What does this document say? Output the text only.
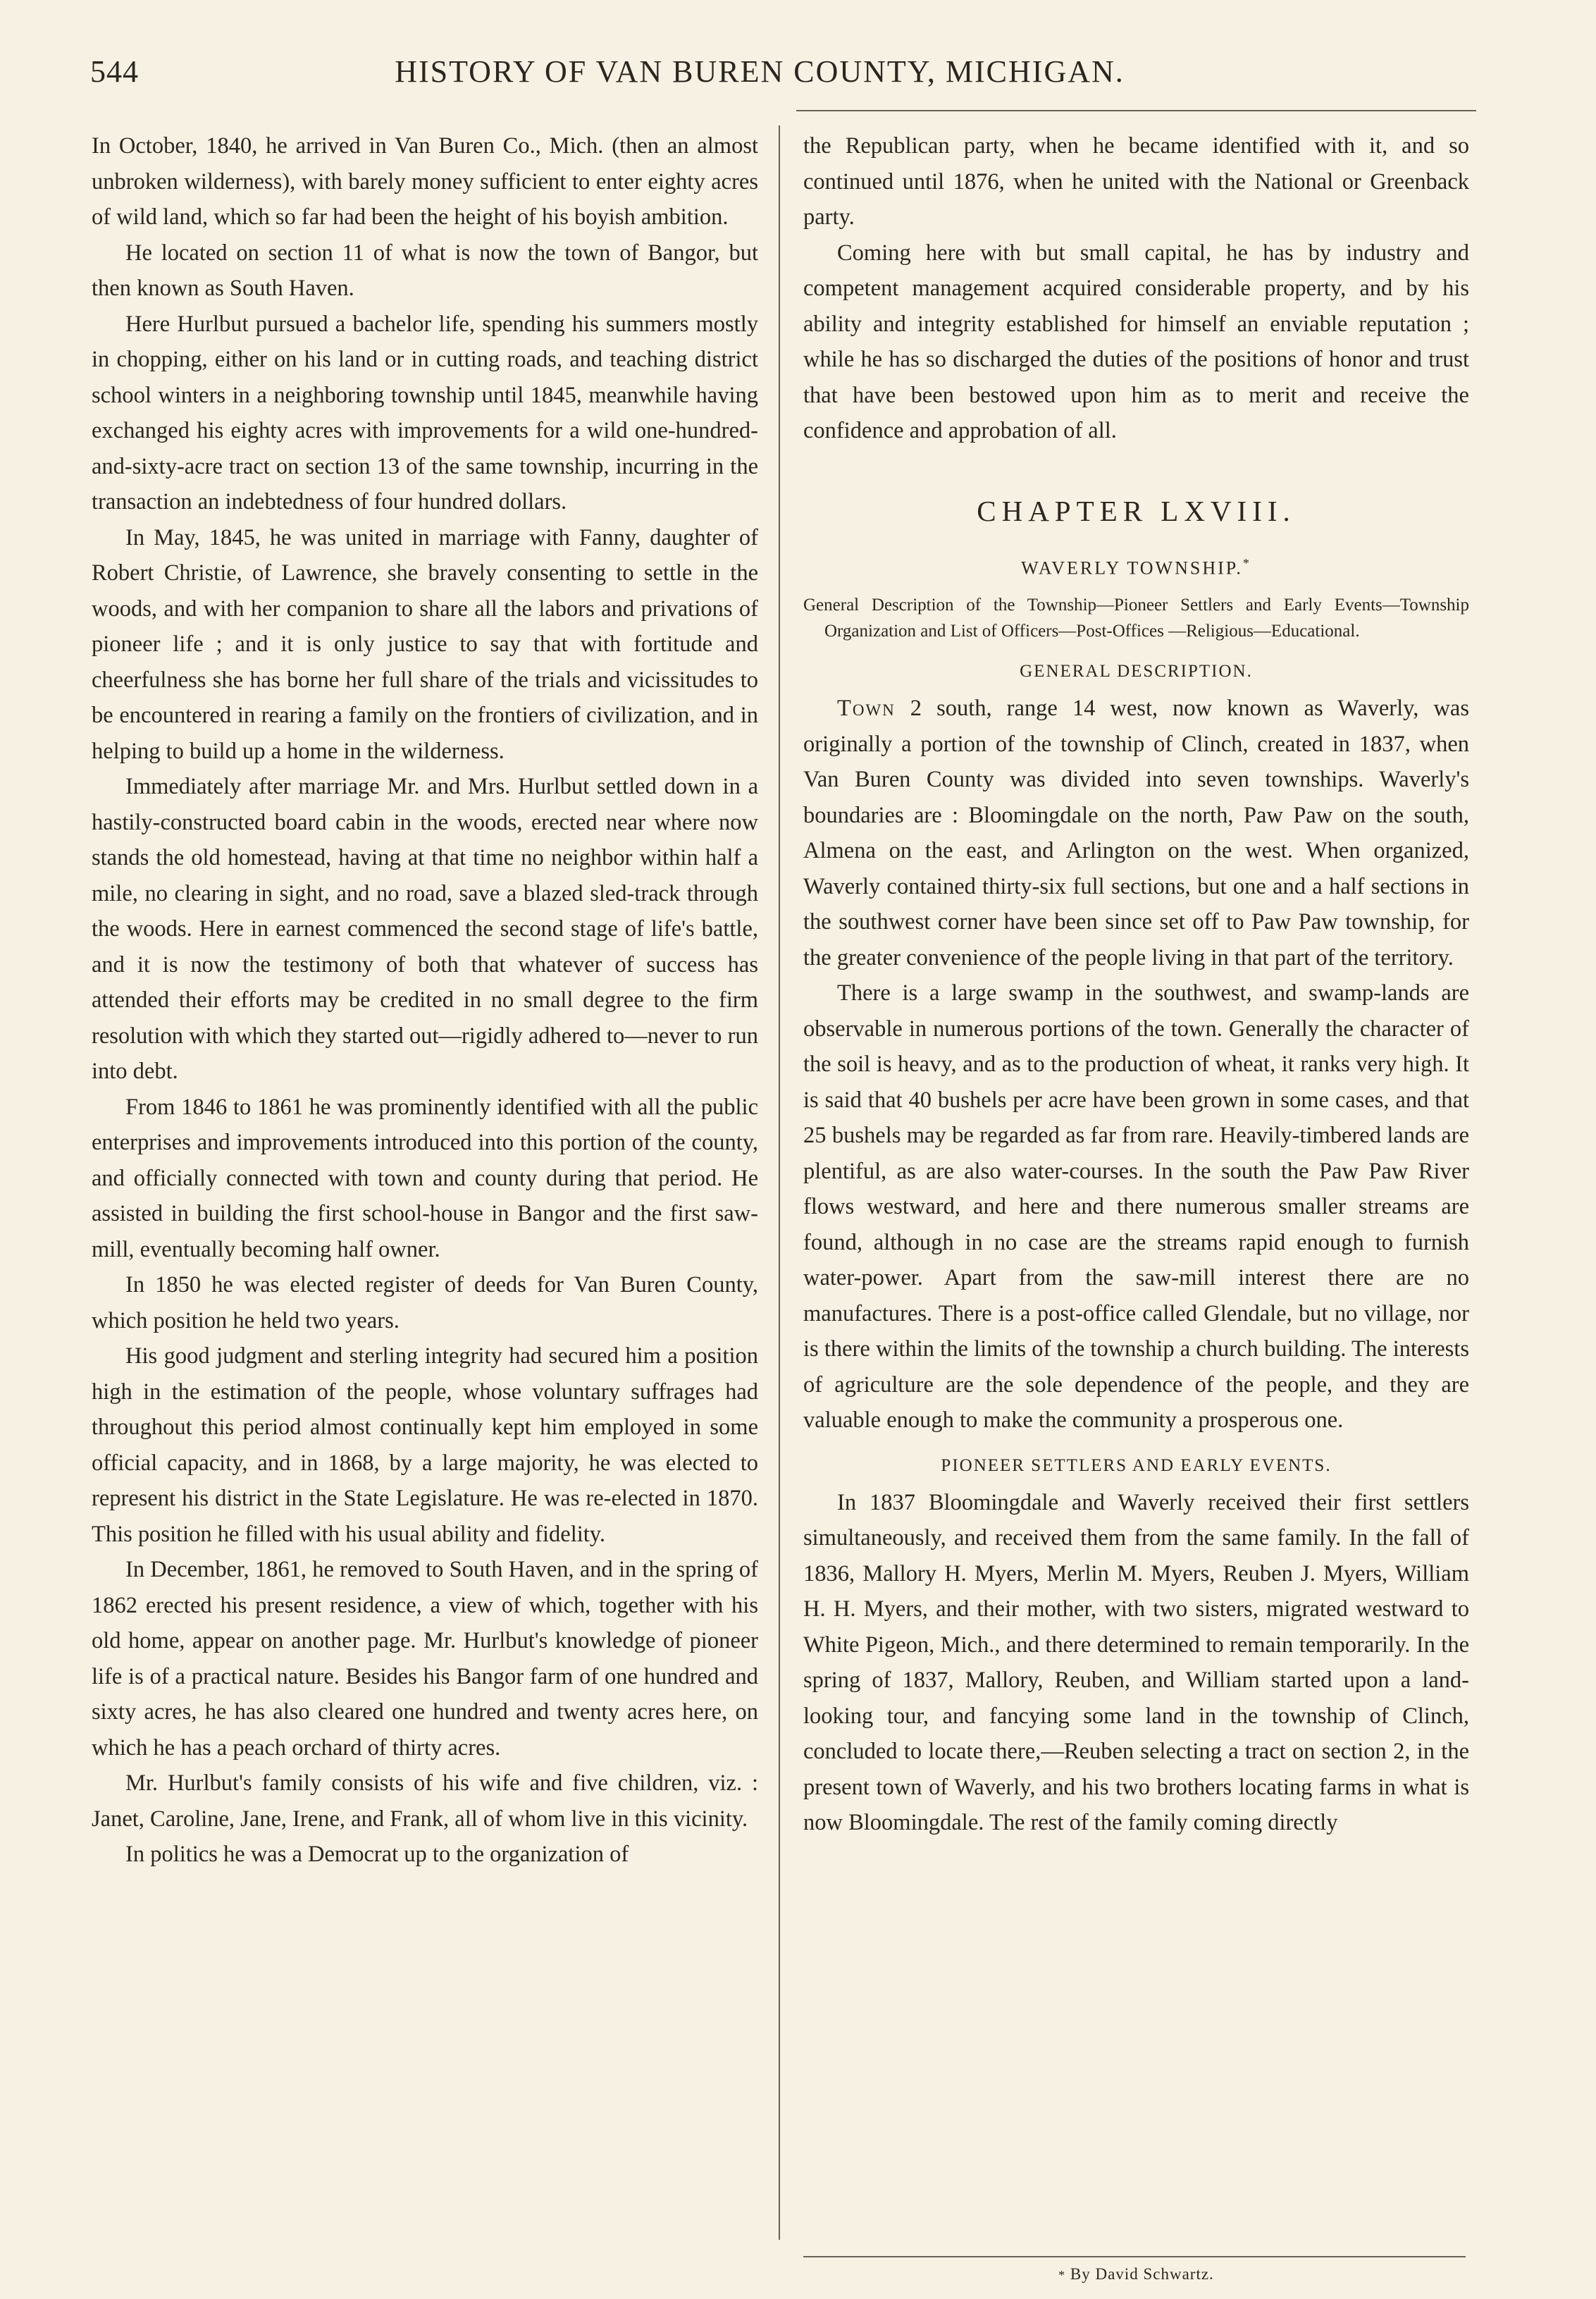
544	HISTORY OF VAN BUREN COUNTY, MICHIGAN.

In October, 1840, he arrived in Van Buren Co., Mich. (then an almost unbroken wilderness), with barely money sufficient to enter eighty acres of wild land, which so far had been the height of his boyish ambition.

He located on section 11 of what is now the town of Bangor, but then known as South Haven.

Here Hurlbut pursued a bachelor life, spending his summers mostly in chopping, either on his land or in cutting roads, and teaching district school winters in a neighboring township until 1845, meanwhile having exchanged his eighty acres with improvements for a wild one-hundred-and-sixty-acre tract on section 13 of the same township, incurring in the transaction an indebtedness of four hundred dollars.

In May, 1845, he was united in marriage with Fanny, daughter of Robert Christie, of Lawrence, she bravely consenting to settle in the woods, and with her companion to share all the labors and privations of pioneer life ; and it is only justice to say that with fortitude and cheerfulness she has borne her full share of the trials and vicissitudes to be encountered in rearing a family on the frontiers of civilization, and in helping to build up a home in the wilderness.

Immediately after marriage Mr. and Mrs. Hurlbut settled down in a hastily-constructed board cabin in the woods, erected near where now stands the old homestead, having at that time no neighbor within half a mile, no clearing in sight, and no road, save a blazed sled-track through the woods. Here in earnest commenced the second stage of life's battle, and it is now the testimony of both that whatever of success has attended their efforts may be credited in no small degree to the firm resolution with which they started out—rigidly adhered to—never to run into debt.

From 1846 to 1861 he was prominently identified with all the public enterprises and improvements introduced into this portion of the county, and officially connected with town and county during that period. He assisted in building the first school-house in Bangor and the first saw-mill, eventually becoming half owner.

In 1850 he was elected register of deeds for Van Buren County, which position he held two years.

His good judgment and sterling integrity had secured him a position high in the estimation of the people, whose voluntary suffrages had throughout this period almost continually kept him employed in some official capacity, and in 1868, by a large majority, he was elected to represent his district in the State Legislature. He was re-elected in 1870. This position he filled with his usual ability and fidelity.

In December, 1861, he removed to South Haven, and in the spring of 1862 erected his present residence, a view of which, together with his old home, appear on another page. Mr. Hurlbut's knowledge of pioneer life is of a practical nature. Besides his Bangor farm of one hundred and sixty acres, he has also cleared one hundred and twenty acres here, on which he has a peach orchard of thirty acres.

Mr. Hurlbut's family consists of his wife and five children, viz. : Janet, Caroline, Jane, Irene, and Frank, all of whom live in this vicinity.

In politics he was a Democrat up to the organization of

the Republican party, when he became identified with it, and so continued until 1876, when he united with the National or Greenback party.

Coming here with but small capital, he has by industry and competent management acquired considerable property, and by his ability and integrity established for himself an enviable reputation ; while he has so discharged the duties of the positions of honor and trust that have been bestowed upon him as to merit and receive the confidence and approbation of all.

CHAPTER LXVIII.
WAVERLY TOWNSHIP.*
General Description of the Township—Pioneer Settlers and Early Events—Township Organization and List of Officers—Post-Offices —Religious—Educational.
GENERAL DESCRIPTION.

Town 2 south, range 14 west, now known as Waverly, was originally a portion of the township of Clinch, created in 1837, when Van Buren County was divided into seven townships. Waverly's boundaries are : Bloomingdale on the north, Paw Paw on the south, Almena on the east, and Arlington on the west. When organized, Waverly contained thirty-six full sections, but one and a half sections in the southwest corner have been since set off to Paw Paw township, for the greater convenience of the people living in that part of the territory.

There is a large swamp in the southwest, and swamp-lands are observable in numerous portions of the town. Generally the character of the soil is heavy, and as to the production of wheat, it ranks very high. It is said that 40 bushels per acre have been grown in some cases, and that 25 bushels may be regarded as far from rare. Heavily-timbered lands are plentiful, as are also water-courses. In the south the Paw Paw River flows westward, and here and there numerous smaller streams are found, although in no case are the streams rapid enough to furnish water-power. Apart from the saw-mill interest there are no manufactures. There is a post-office called Glendale, but no village, nor is there within the limits of the township a church building. The interests of agriculture are the sole dependence of the people, and they are valuable enough to make the community a prosperous one.

PIONEER SETTLERS AND EARLY EVENTS.

In 1837 Bloomingdale and Waverly received their first settlers simultaneously, and received them from the same family. In the fall of 1836, Mallory H. Myers, Merlin M. Myers, Reuben J. Myers, William H. H. Myers, and their mother, with two sisters, migrated westward to White Pigeon, Mich., and there determined to remain temporarily. In the spring of 1837, Mallory, Reuben, and William started upon a land-looking tour, and fancying some land in the township of Clinch, concluded to locate there,—Reuben selecting a tract on section 2, in the present town of Waverly, and his two brothers locating farms in what is now Bloomingdale. The rest of the family coming directly

* By David Schwartz.
